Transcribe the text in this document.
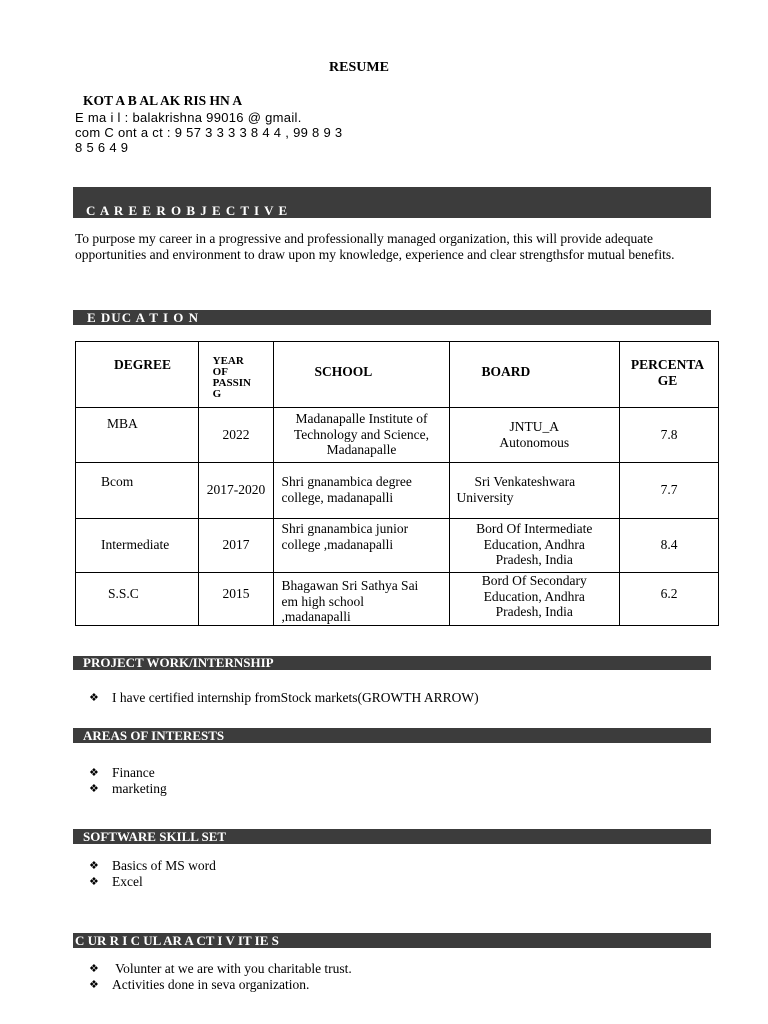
RESUME
KOT A B AL AK RIS HN A
E ma i l : balakrishna 99016 @ gmail.
com C ont a ct : 9 57 3 3 3 3 8 4 4 , 99 8 9 3
8 5 6 4 9
C A R E E R O B J E C T I V E
To purpose my career in a progressive and professionally managed organization, this will provide adequate opportunities and environment to draw upon my knowledge, experience and clear strengthsfor mutual benefits.
E DUC A T I O N
DEGREE	YEAR OF PASSIN G	SCHOOL	BOARD	PERCENTA GE

MBA	2022	Madanapalle Institute of Technology and Science, Madanapalle	JNTU_A Autonomous	7.8

Bcom	2017-2020	Shri gnanambica degree college, madanapalli	Sri Venkateshwara University	7.7

Intermediate	2017	Shri gnanambica junior college ,madanapalli	Bord Of Intermediate Education, Andhra Pradesh, India	8.4

S.S.C	2015	Bhagawan Sri Sathya Sai em high school ,madanapalli	Bord Of Secondary Education, Andhra Pradesh, India	6.2
PROJECT WORK/INTERNSHIP
❖ I have certified internship fromStock markets(GROWTH ARROW)
AREAS OF INTERESTS
❖ Finance
❖ marketing
SOFTWARE SKILL SET
❖ Basics of MS word
❖ Excel
C UR R I C UL AR A CT I V IT IE S
❖ Volunter at we are with you charitable trust.
❖ Activities done in seva organization.
